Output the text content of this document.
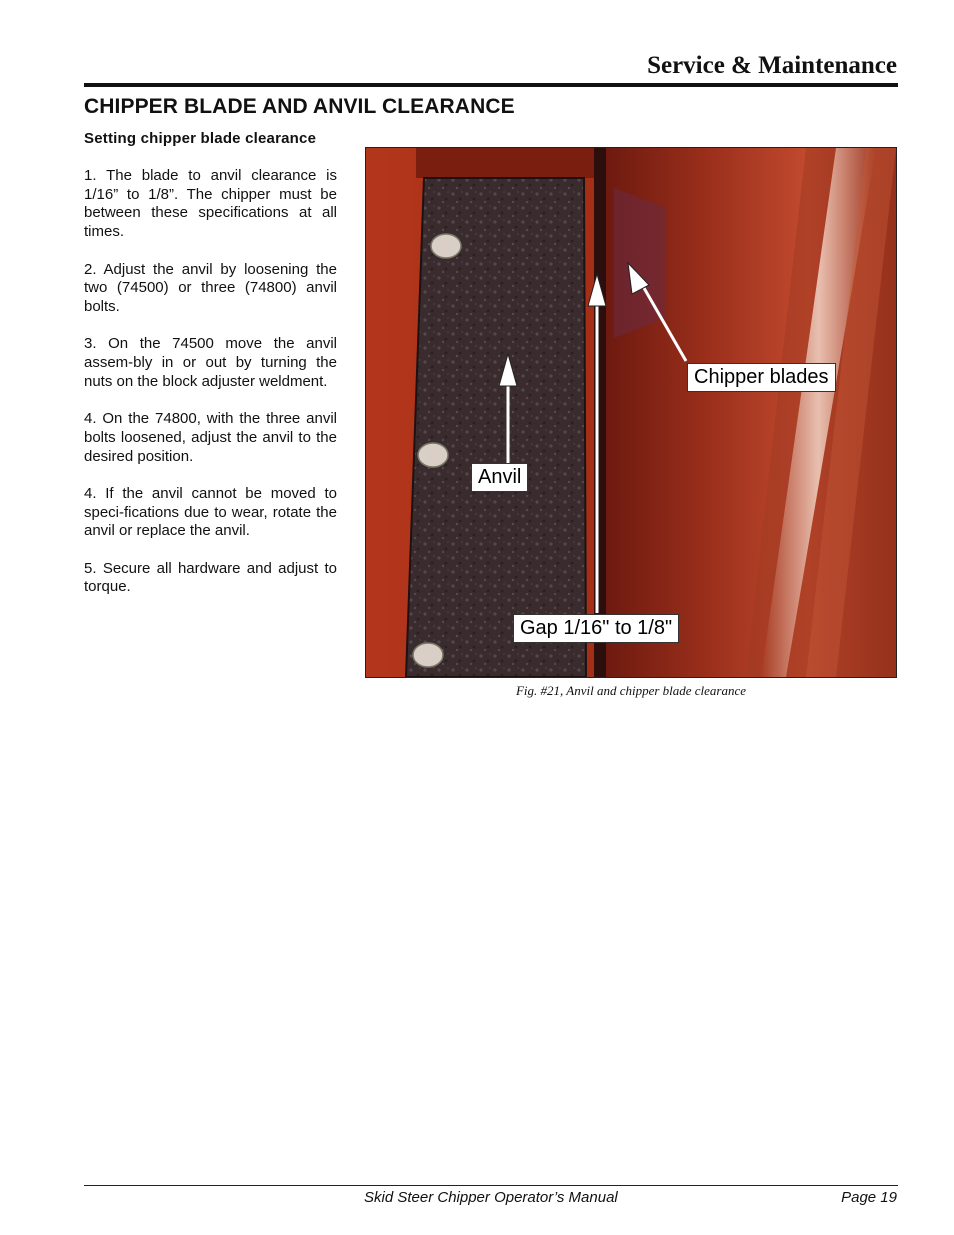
Service & Maintenance
CHIPPER BLADE AND ANVIL CLEARANCE
Setting chipper blade clearance

1. The blade to anvil clearance is 1/16” to 1/8”. The chipper must be between these specifications at all times.

2. Adjust the anvil by loosening the two (74500) or three (74800) anvil bolts.

3. On the 74500 move the anvil assem-bly in or out by turning the nuts on the block adjuster weldment.

4. On the 74800, with the three anvil bolts loosened, adjust the anvil to the desired position.

4. If the anvil cannot be moved to speci-fications due to wear, rotate the anvil or replace the anvil.

5. Secure all hardware and adjust to torque.

Chipper blades
Anvil
Gap 1/16" to 1/8"

Fig. #21, Anvil and chipper blade clearance

Skid Steer Chipper Operator’s Manual	Page 19
